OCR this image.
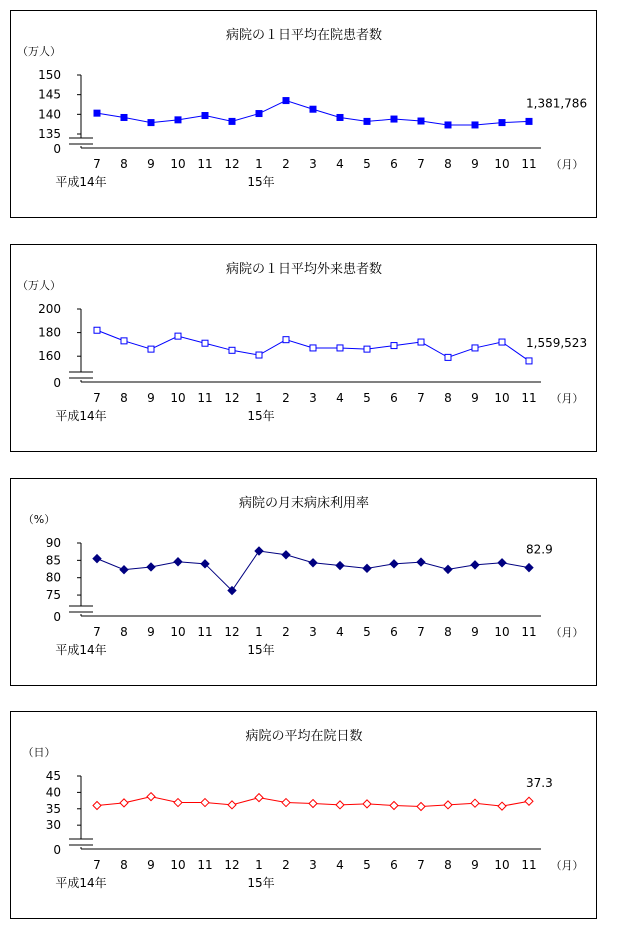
病院の１日平均在院患者数
（万人）
135
140
145
150
0
7 8 9 10 11 12 1 2 3 4 5 6 7 8 9 10 11 （月）
平成14年	15年
1,381,786
病院の１日平均外来患者数
（万人）
160
180
200
0
7 8 9 10 11 12 1 2 3 4 5 6 7 8 9 10 11 （月）
平成14年	15年
1,559,523
病院の月末病床利用率
（%）
75
80
85
90
0
7 8 9 10 11 12 1 2 3 4 5 6 7 8 9 10 11 （月）
平成14年	15年
82.9
病院の平均在院日数
（日）
30
35
40
45
0
7 8 9 10 11 12 1 2 3 4 5 6 7 8 9 10 11 （月）
平成14年	15年
37.3
